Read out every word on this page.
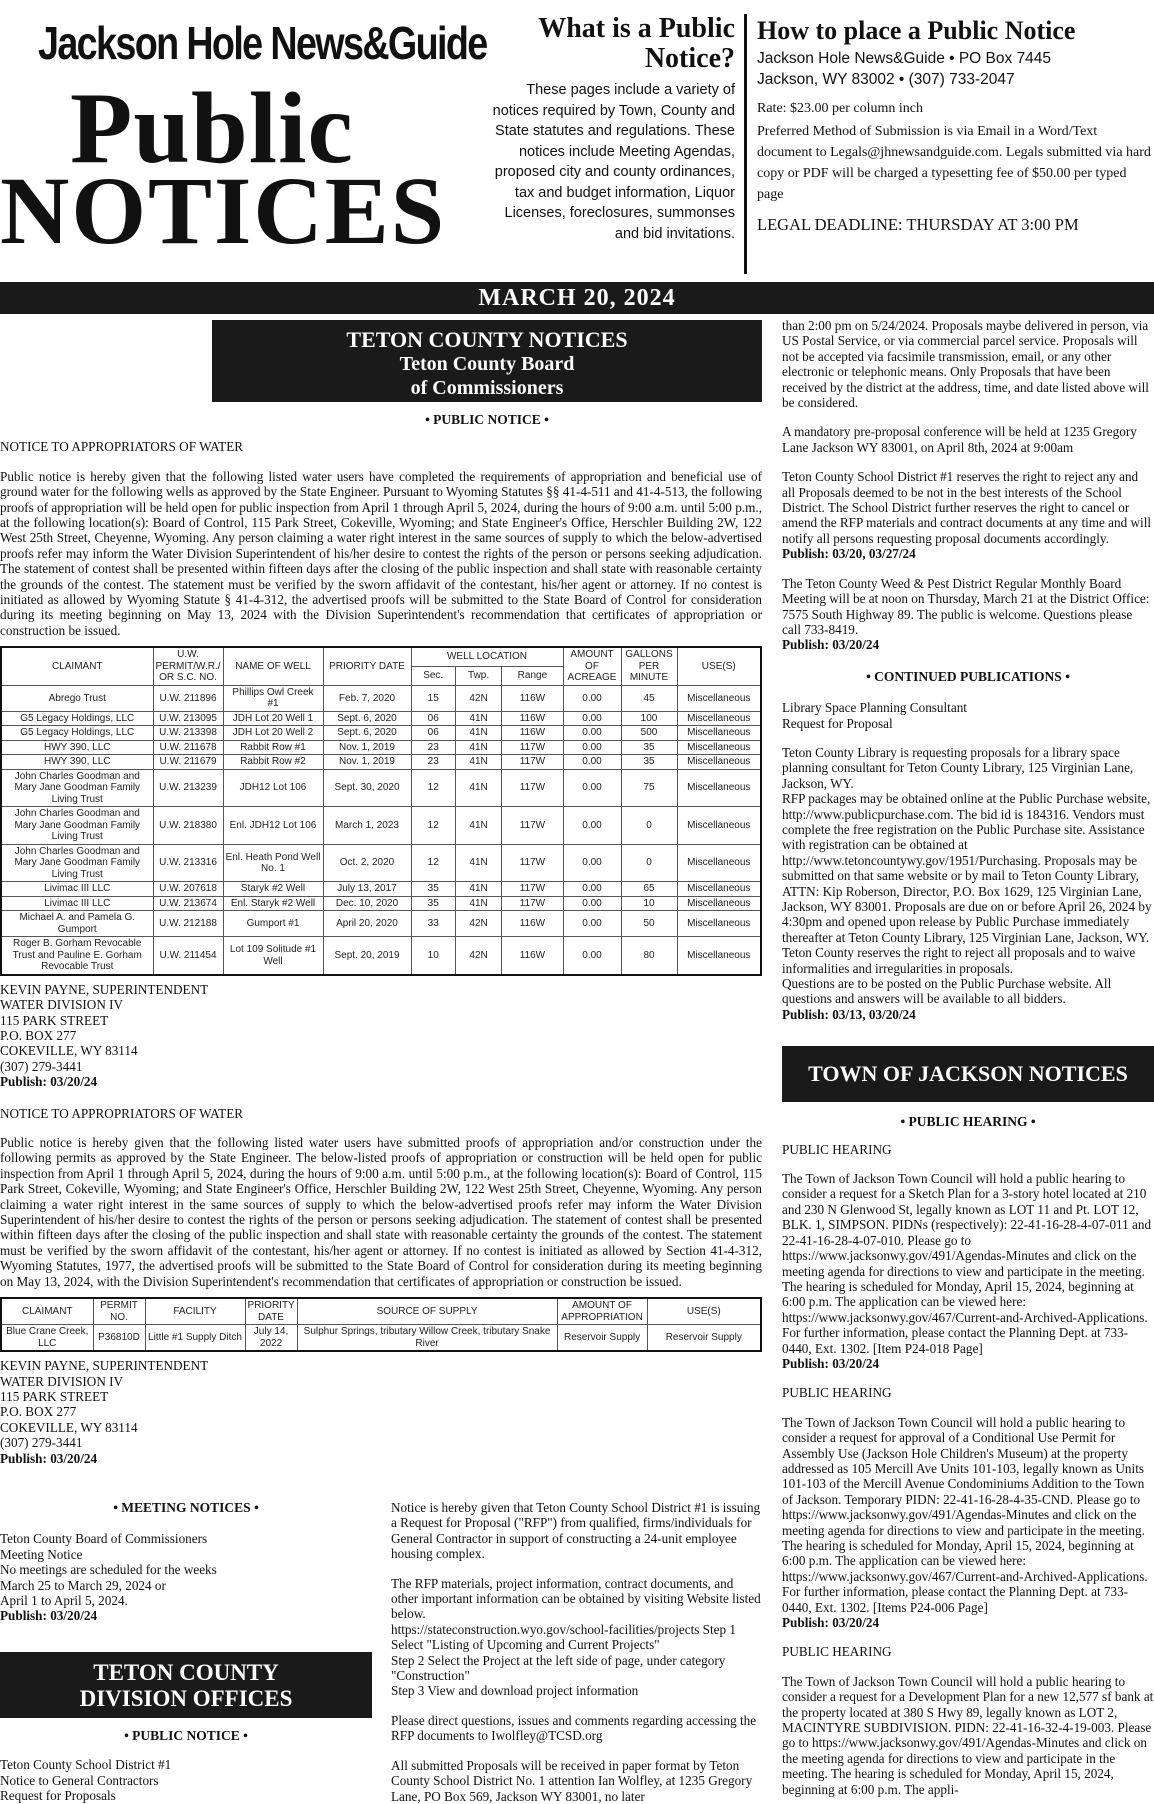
Jackson Hole News&Guide
Public
NOTICES
What is a Public Notice?

These pages include a variety of notices required by Town, County and State statutes and regulations. These notices include Meeting Agendas, proposed city and county ordinances, tax and budget information, Liquor Licenses, foreclosures, summonses and bid invitations.

How to place a Public Notice
Jackson Hole News&Guide • PO Box 7445
Jackson, WY 83002 • (307) 733-2047
Rate: $23.00 per column inch
Preferred Method of Submission is via Email in a Word/Text document to Legals@jhnewsandguide.com. Legals submitted via hard copy or PDF will be charged a typesetting fee of $50.00 per typed page
LEGAL DEADLINE: THURSDAY AT 3:00 PM
MARCH 20, 2024
TETON COUNTY NOTICES
Teton County Board
of Commissioners
• PUBLIC NOTICE •
NOTICE TO APPROPRIATORS OF WATER
Public notice is hereby given that the following listed water users have completed the requirements of appropriation and beneficial use of ground water for the following wells as approved by the State Engineer. Pursuant to Wyoming Statutes §§ 41-4-511 and 41-4-513, the following proofs of appropriation will be held open for public inspection from April 1 through April 5, 2024, during the hours of 9:00 a.m. until 5:00 p.m., at the following location(s): Board of Control, 115 Park Street, Cokeville, Wyoming; and State Engineer's Office, Herschler Building 2W, 122 West 25th Street, Cheyenne, Wyoming. Any person claiming a water right interest in the same sources of supply to which the below-advertised proofs refer may inform the Water Division Superintendent of his/her desire to contest the rights of the person or persons seeking adjudication. The statement of contest shall be presented within fifteen days after the closing of the public inspection and shall state with reasonable certainty the grounds of the contest. The statement must be verified by the sworn affidavit of the contestant, his/her agent or attorney. If no contest is initiated as allowed by Wyoming Statute § 41-4-312, the advertised proofs will be submitted to the State Board of Control for consideration during its meeting beginning on May 13, 2024 with the Division Superintendent's recommendation that certificates of appropriation or construction be issued.
CLAIMANT	U.W. PERMIT/W.R./ OR S.C. NO.	NAME OF WELL	PRIORITY DATE	WELL LOCATION			AMOUNT OF ACREAGE	GALLONS PER MINUTE	USE(S)
				Sec.	Twp.	Range			
Abrego Trust	U.W. 211896	Phillips Owl Creek #1	Feb. 7, 2020	15	42N	116W	0.00	45	Miscellaneous
G5 Legacy Holdings, LLC	U.W. 213095	JDH Lot 20 Well 1	Sept. 6, 2020	06	41N	116W	0.00	100	Miscellaneous
G5 Legacy Holdings, LLC	U.W. 213398	JDH Lot 20 Well 2	Sept. 6, 2020	06	41N	116W	0.00	500	Miscellaneous
HWY 390, LLC	U.W. 211678	Rabbit Row #1	Nov. 1, 2019	23	41N	117W	0.00	35	Miscellaneous
HWY 390, LLC	U.W. 211679	Rabbit Row #2	Nov. 1, 2019	23	41N	117W	0.00	35	Miscellaneous
John Charles Goodman and Mary Jane Goodman Family Living Trust	U.W. 213239	JDH12 Lot 106	Sept. 30, 2020	12	41N	117W	0.00	75	Miscellaneous
John Charles Goodman and Mary Jane Goodman Family Living Trust	U.W. 218380	Enl. JDH12 Lot 106	March 1, 2023	12	41N	117W	0.00	0	Miscellaneous
John Charles Goodman and Mary Jane Goodman Family Living Trust	U.W. 213316	Enl. Heath Pond Well No. 1	Oct. 2, 2020	12	41N	117W	0.00	0	Miscellaneous
Livimac III LLC	U.W. 207618	Staryk #2 Well	July 13, 2017	35	41N	117W	0.00	65	Miscellaneous
Livimac III LLC	U.W. 213674	Enl. Staryk #2 Well	Dec. 10, 2020	35	41N	117W	0.00	10	Miscellaneous
Michael A. and Pamela G. Gumport	U.W. 212188	Gumport #1	April 20, 2020	33	42N	116W	0.00	50	Miscellaneous
Roger B. Gorham Revocable Trust and Pauline E. Gorham Revocable Trust	U.W. 211454	Lot 109 Solitude #1 Well	Sept. 20, 2019	10	42N	116W	0.00	80	Miscellaneous
KEVIN PAYNE, SUPERINTENDENT
WATER DIVISION IV
115 PARK STREET
P.O. BOX 277
COKEVILLE, WY 83114
(307) 279-3441
Publish: 03/20/24
NOTICE TO APPROPRIATORS OF WATER
Public notice is hereby given that the following listed water users have submitted proofs of appropriation and/or construction under the following permits as approved by the State Engineer. The below-listed proofs of appropriation or construction will be held open for public inspection from April 1 through April 5, 2024, during the hours of 9:00 a.m. until 5:00 p.m., at the following location(s): Board of Control, 115 Park Street, Cokeville, Wyoming; and State Engineer's Office, Herschler Building 2W, 122 West 25th Street, Cheyenne, Wyoming. Any person claiming a water right interest in the same sources of supply to which the below-advertised proofs refer may inform the Water Division Superintendent of his/her desire to contest the rights of the person or persons seeking adjudication. The statement of contest shall be presented within fifteen days after the closing of the public inspection and shall state with reasonable certainty the grounds of the contest. The statement must be verified by the sworn affidavit of the contestant, his/her agent or attorney. If no contest is initiated as allowed by Section 41-4-312, Wyoming Statutes, 1977, the advertised proofs will be submitted to the State Board of Control for consideration during its meeting beginning on May 13, 2024, with the Division Superintendent's recommendation that certificates of appropriation or construction be issued.
CLAIMANT	PERMIT NO.	FACILITY	PRIORITY DATE	SOURCE OF SUPPLY	AMOUNT OF APPROPRIATION	USE(S)
Blue Crane Creek, LLC	P36810D	Little #1 Supply Ditch	July 14, 2022	Sulphur Springs, tributary Willow Creek, tributary Snake River	Reservoir Supply	Reservoir Supply
KEVIN PAYNE, SUPERINTENDENT
WATER DIVISION IV
115 PARK STREET
P.O. BOX 277
COKEVILLE, WY 83114
(307) 279-3441
Publish: 03/20/24
• MEETING NOTICES •
Teton County Board of Commissioners
Meeting Notice
No meetings are scheduled for the weeks
March 25 to March 29, 2024 or
April 1 to April 5, 2024.
Publish: 03/20/24
TETON COUNTY
DIVISION OFFICES
• PUBLIC NOTICE •
Teton County School District #1
Notice to General Contractors
Request for Proposals
Notice is hereby given that Teton County School District #1 is issuing a Request for Proposal ("RFP") from qualified, firms/individuals for General Contractor in support of constructing a 24-unit employee housing complex.
The RFP materials, project information, contract documents, and other important information can be obtained by visiting Website listed below.
https://stateconstruction.wyo.gov/school-facilities/projects Step 1 Select "Listing of Upcoming and Current Projects"
Step 2 Select the Project at the left side of page, under category "Construction"
Step 3 View and download project information
Please direct questions, issues and comments regarding accessing the RFP documents to Iwolfley@TCSD.org
All submitted Proposals will be received in paper format by Teton County School District No. 1 attention Ian Wolfley, at 1235 Gregory Lane, PO Box 569, Jackson WY 83001, no later
than 2:00 pm on 5/24/2024. Proposals maybe delivered in person, via US Postal Service, or via commercial parcel service. Proposals will not be accepted via facsimile transmission, email, or any other electronic or telephonic means. Only Proposals that have been received by the district at the address, time, and date listed above will be considered.
A mandatory pre-proposal conference will be held at 1235 Gregory Lane Jackson WY 83001, on April 8th, 2024 at 9:00am
Teton County School District #1 reserves the right to reject any and all Proposals deemed to be not in the best interests of the School District. The School District further reserves the right to cancel or amend the RFP materials and contract documents at any time and will notify all persons requesting proposal documents accordingly.
Publish: 03/20, 03/27/24
The Teton County Weed & Pest District Regular Monthly Board Meeting will be at noon on Thursday, March 21 at the District Office: 7575 South Highway 89. The public is welcome. Questions please call 733-8419.
Publish: 03/20/24
• CONTINUED PUBLICATIONS •
Library Space Planning Consultant
Request for Proposal
Teton County Library is requesting proposals for a library space planning consultant for Teton County Library, 125 Virginian Lane, Jackson, WY.
RFP packages may be obtained online at the Public Purchase website, http://www.publicpurchase.com. The bid id is 184316. Vendors must complete the free registration on the Public Purchase site. Assistance with registration can be obtained at http://www.tetoncountywy.gov/1951/Purchasing. Proposals may be submitted on that same website or by mail to Teton County Library, ATTN: Kip Roberson, Director, P.O. Box 1629, 125 Virginian Lane, Jackson, WY 83001. Proposals are due on or before April 26, 2024 by 4:30pm and opened upon release by Public Purchase immediately thereafter at Teton County Library, 125 Virginian Lane, Jackson, WY.
Teton County reserves the right to reject all proposals and to waive informalities and irregularities in proposals.
Questions are to be posted on the Public Purchase website. All questions and answers will be available to all bidders.
Publish: 03/13, 03/20/24
TOWN OF JACKSON NOTICES
• PUBLIC HEARING •
PUBLIC HEARING
The Town of Jackson Town Council will hold a public hearing to consider a request for a Sketch Plan for a 3-story hotel located at 210 and 230 N Glenwood St, legally known as LOT 11 and Pt. LOT 12, BLK. 1, SIMPSON. PIDNs (respectively): 22-41-16-28-4-07-011 and 22-41-16-28-4-07-010. Please go to https://www.jacksonwy.gov/491/Agendas-Minutes and click on the meeting agenda for directions to view and participate in the meeting. The hearing is scheduled for Monday, April 15, 2024, beginning at 6:00 p.m. The application can be viewed here: https://www.jacksonwy.gov/467/Current-and-Archived-Applications. For further information, please contact the Planning Dept. at 733-0440, Ext. 1302. [Item P24-018 Page]
Publish: 03/20/24
PUBLIC HEARING
The Town of Jackson Town Council will hold a public hearing to consider a request for approval of a Conditional Use Permit for Assembly Use (Jackson Hole Children's Museum) at the property addressed as 105 Mercill Ave Units 101-103, legally known as Units 101-103 of the Mercill Avenue Condominiums Addition to the Town of Jackson. Temporary PIDN: 22-41-16-28-4-35-CND. Please go to https://www.jacksonwy.gov/491/Agendas-Minutes and click on the meeting agenda for directions to view and participate in the meeting. The hearing is scheduled for Monday, April 15, 2024, beginning at 6:00 p.m. The application can be viewed here: https://www.jacksonwy.gov/467/Current-and-Archived-Applications. For further information, please contact the Planning Dept. at 733-0440, Ext. 1302. [Items P24-006 Page]
Publish: 03/20/24
PUBLIC HEARING
The Town of Jackson Town Council will hold a public hearing to consider a request for a Development Plan for a new 12,577 sf bank at the property located at 380 S Hwy 89, legally known as LOT 2, MACINTYRE SUBDIVISION. PIDN: 22-41-16-32-4-19-003. Please go to https://www.jacksonwy.gov/491/Agendas-Minutes and click on the meeting agenda for directions to view and participate in the meeting. The hearing is scheduled for Monday, April 15, 2024, beginning at 6:00 p.m. The appli-
